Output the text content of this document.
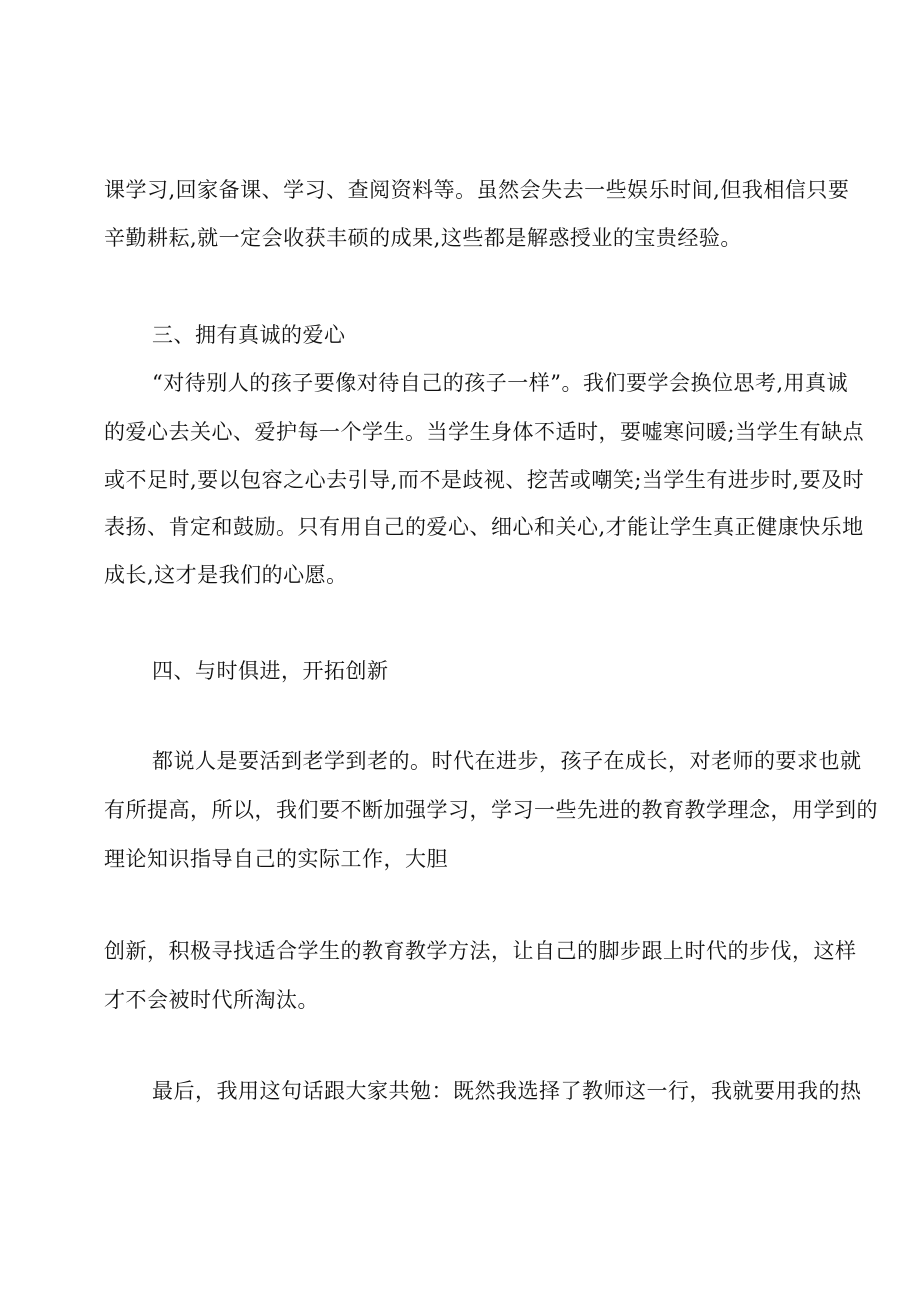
课学习,回家备课、学习、查阅资料等。虽然会失去一些娱乐时间,但我相信只要

辛勤耕耘,就一定会收获丰硕的成果,这些都是解惑授业的宝贵经验。

三、拥有真诚的爱心

“对待别人的孩子要像对待自己的孩子一样”。我们要学会换位思考,用真诚

的爱心去关心、爱护每一个学生。当学生身体不适时，要嘘寒问暖;当学生有缺点

或不足时,要以包容之心去引导,而不是歧视、挖苦或嘲笑;当学生有进步时,要及时

表扬、肯定和鼓励。只有用自己的爱心、细心和关心,才能让学生真正健康快乐地

成长,这才是我们的心愿。

四、与时俱进，开拓创新

都说人是要活到老学到老的。时代在进步，孩子在成长，对老师的要求也就

有所提高，所以，我们要不断加强学习，学习一些先进的教育教学理念，用学到的

理论知识指导自己的实际工作，大胆

创新，积极寻找适合学生的教育教学方法，让自己的脚步跟上时代的步伐，这样

才不会被时代所淘汰。

最后，我用这句话跟大家共勉：既然我选择了教师这一行，我就要用我的热
